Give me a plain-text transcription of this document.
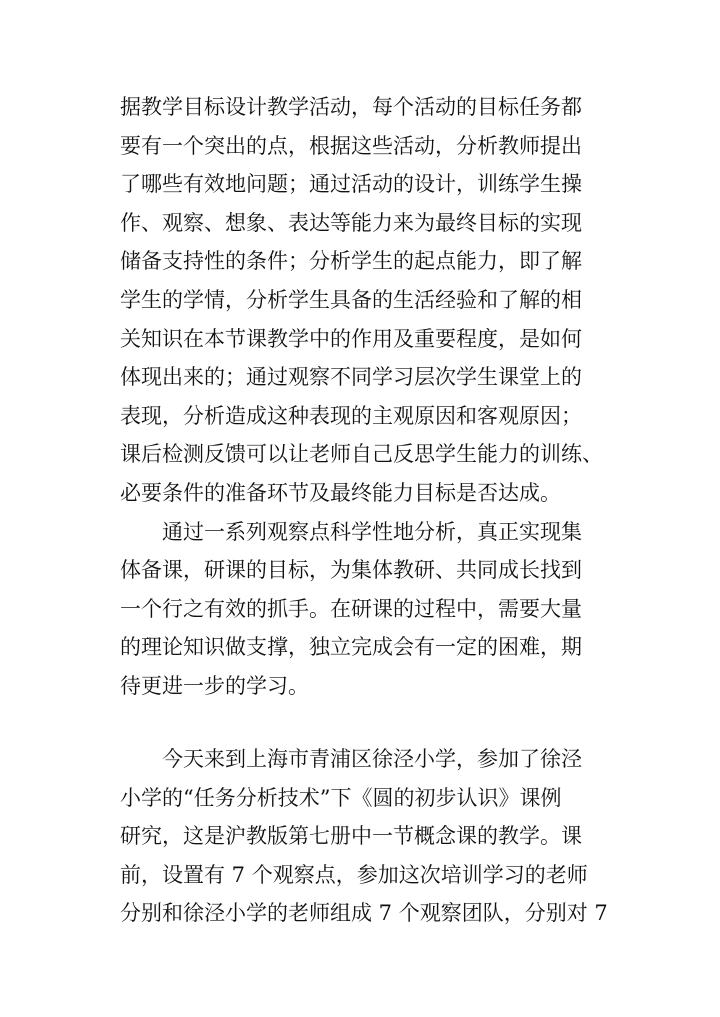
据教学目标设计教学活动，每个活动的目标任务都
要有一个突出的点，根据这些活动，分析教师提出
了哪些有效地问题；通过活动的设计，训练学生操
作、观察、想象、表达等能力来为最终目标的实现
储备支持性的条件；分析学生的起点能力，即了解
学生的学情，分析学生具备的生活经验和了解的相
关知识在本节课教学中的作用及重要程度，是如何
体现出来的；通过观察不同学习层次学生课堂上的
表现，分析造成这种表现的主观原因和客观原因；
课后检测反馈可以让老师自己反思学生能力的训练、
必要条件的准备环节及最终能力目标是否达成。
通过一系列观察点科学性地分析，真正实现集
体备课，研课的目标，为集体教研、共同成长找到
一个行之有效的抓手。在研课的过程中，需要大量
的理论知识做支撑，独立完成会有一定的困难，期
待更进一步的学习。
今天来到上海市青浦区徐泾小学，参加了徐泾
小学的“任务分析技术”下《圆的初步认识》课例
研究，这是沪教版第七册中一节概念课的教学。课
前，设置有 7 个观察点，参加这次培训学习的老师
分别和徐泾小学的老师组成 7 个观察团队，分别对 7
